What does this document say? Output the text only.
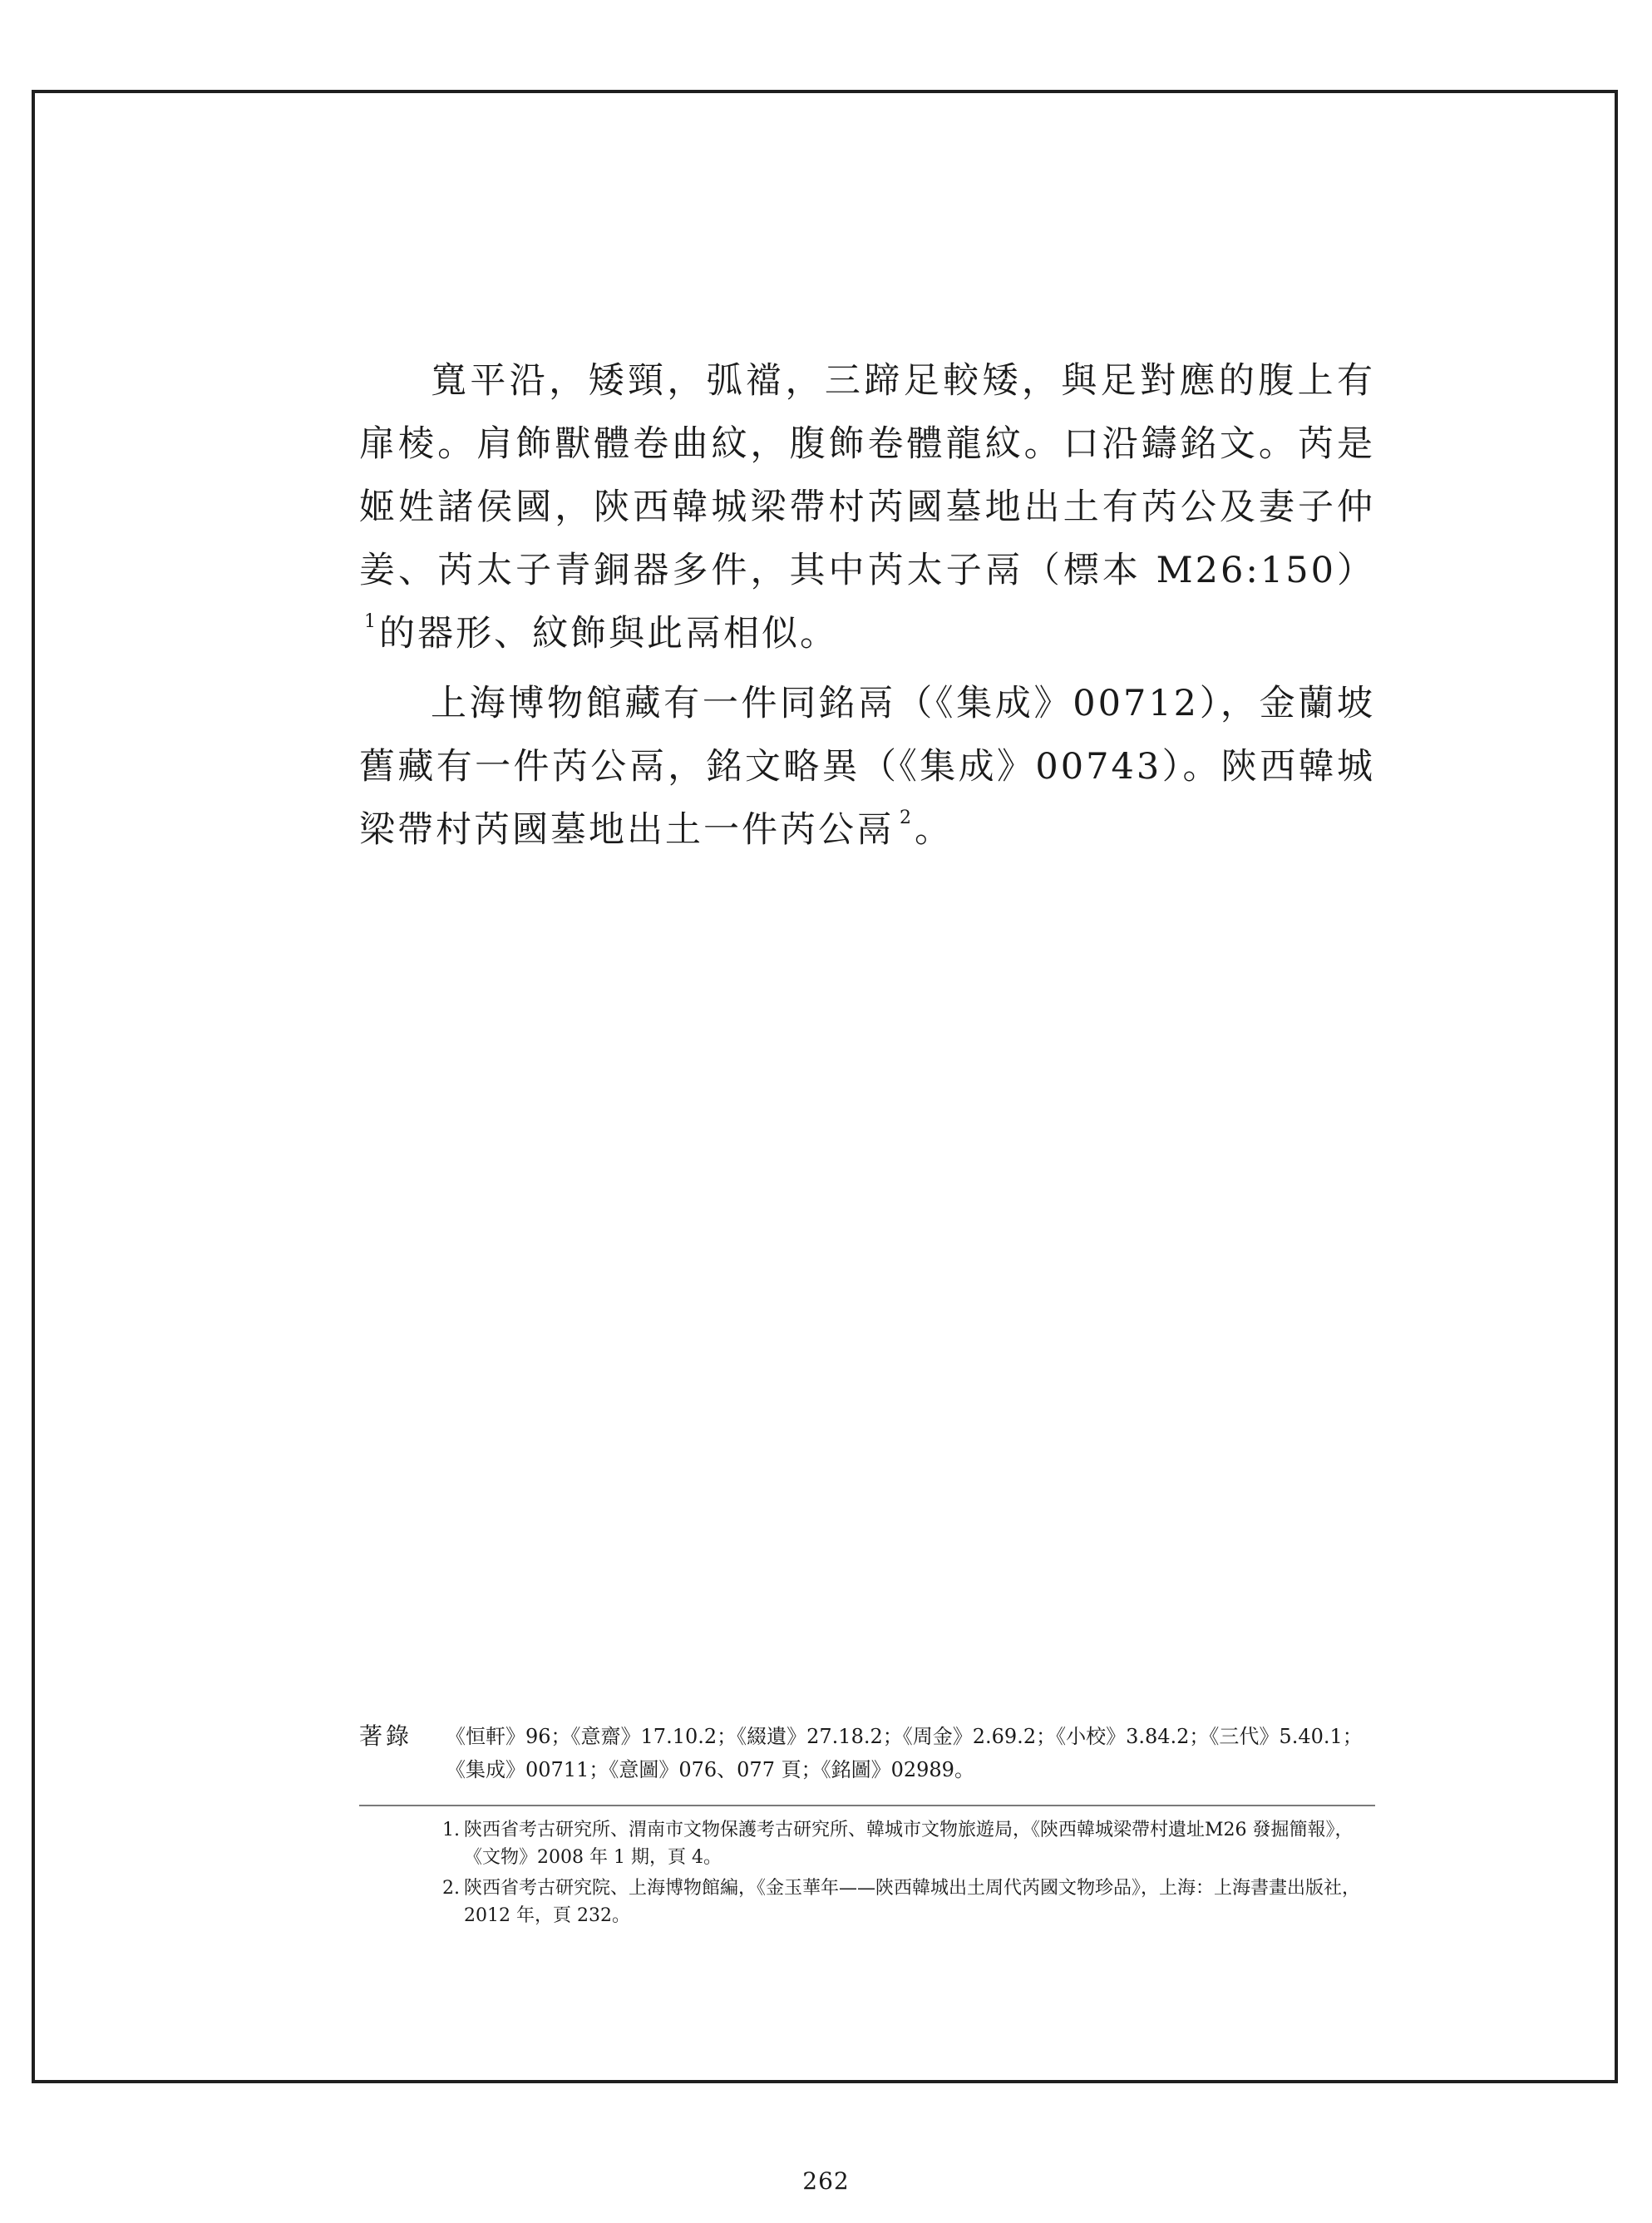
寬平沿，矮頸，弧襠，三蹄足較矮，與足對應的腹上有扉棱。肩飾獸體卷曲紋，腹飾卷體龍紋。口沿鑄銘文。芮是姬姓諸侯國，陝西韓城梁帶村芮國墓地出土有芮公及妻子仲姜、芮太子青銅器多件，其中芮太子鬲（標本 M26:150）$^1$的器形、紋飾與此鬲相似。

上海博物館藏有一件同銘鬲（《集成》00712），金蘭坡舊藏有一件芮公鬲，銘文略異（《集成》00743）。陝西韓城梁帶村芮國墓地出土一件芮公鬲 $^2$。

著錄	《恒軒》96；《意齋》17.10.2；《綴遺》27.18.2；《周金》2.69.2；《小校》3.84.2；《三代》5.40.1；《集成》00711；《意圖》076、077 頁；《銘圖》02989。
1. 陝西省考古研究所、渭南市文物保護考古研究所、韓城市文物旅遊局，《陝西韓城梁帶村遺址M26 發掘簡報》，《文物》2008 年 1 期，頁 4。
2. 陝西省考古研究院、上海博物館編，《金玉華年——陝西韓城出土周代芮國文物珍品》，上海：上海書畫出版社，2012 年，頁 232。
262
